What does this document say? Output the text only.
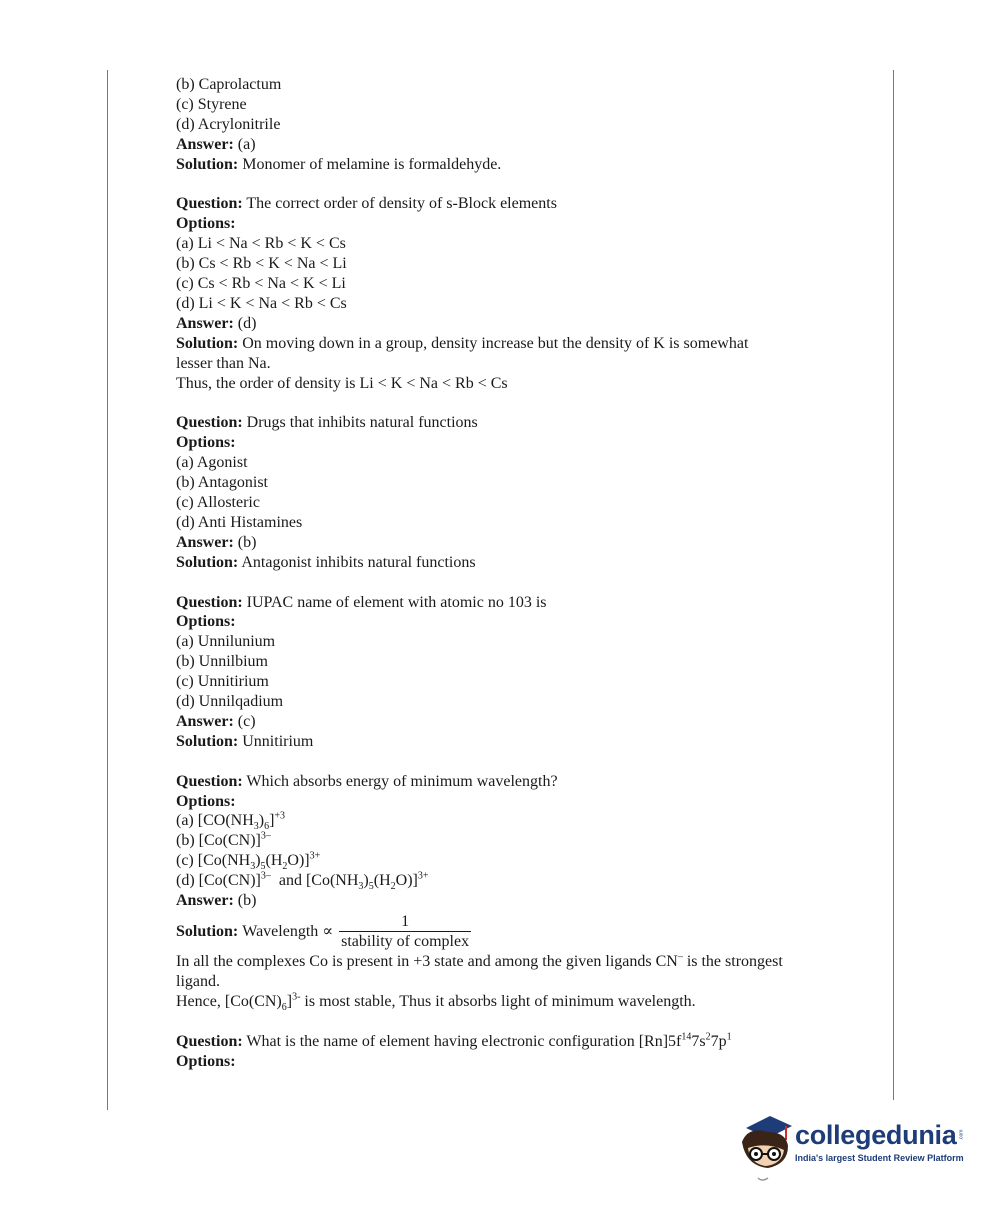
(b) Caprolactum
(c) Styrene
(d) Acrylonitrile
Answer: (a)
Solution: Monomer of melamine is formaldehyde.
Question: The correct order of density of s-Block elements
Options:
(a) Li < Na < Rb < K < Cs
(b) Cs < Rb < K < Na < Li
(c) Cs < Rb < Na < K < Li
(d) Li < K < Na < Rb < Cs
Answer: (d)
Solution: On moving down in a group, density increase but the density of K is somewhat
lesser than Na.
Thus, the order of density is Li < K < Na < Rb < Cs
Question: Drugs that inhibits natural functions
Options:
(a) Agonist
(b) Antagonist
(c) Allosteric
(d) Anti Histamines
Answer: (b)
Solution: Antagonist inhibits natural functions
Question: IUPAC name of element with atomic no 103 is
Options:
(a) Unnilunium
(b) Unnilbium
(c) Unnitirium
(d) Unnilqadium
Answer: (c)
Solution: Unnitirium
Question: Which absorbs energy of minimum wavelength?
Options:
(a) $[CO(NH_3)_6]^{+3}$
(b) $[Co(CN)]^{3-}$
(c) $[Co(NH_3)_5(H_2O)]^{3+}$
(d) $[Co(CN)]^{3-}$  and $[Co(NH_3)_5(H_2O)]^{3+}$
Answer: (b)
Solution:
Wavelength ∝ $\frac{1}{\text{stability of complex}}$
In all the complexes Co is present in +3 state and among the given ligands CN– is the strongest ligand.
Hence, $[Co(CN)_6]^{3-}$ is most stable, Thus it absorbs light of minimum wavelength.
Question: What is the name of element having electronic configuration $[Rn]5f^{14}7s^27p^1$
Options:
collegedunia
India's largest Student Review Platform
.com
